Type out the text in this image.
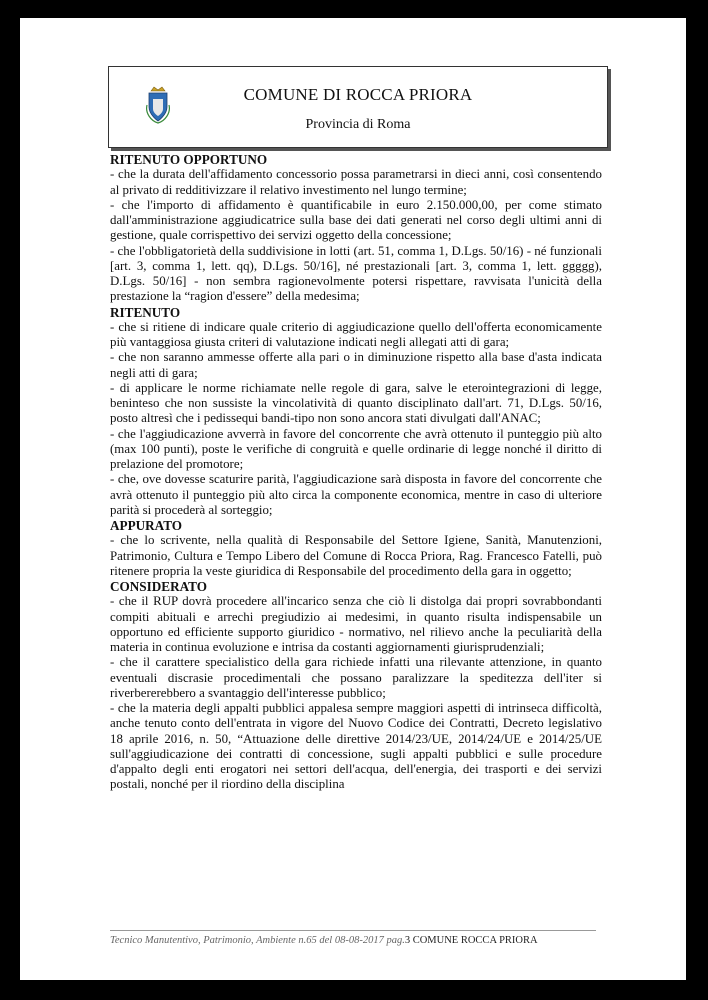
COMUNE DI ROCCA PRIORA
Provincia di Roma
RITENUTO OPPORTUNO

- che la durata dell'affidamento concessorio possa parametrarsi in dieci anni, così consentendo al privato di redditivizzare il relativo investimento nel lungo termine;

- che l'importo di affidamento è quantificabile in euro 2.150.000,00, per come stimato dall'amministrazione aggiudicatrice sulla base dei dati generati nel corso degli ultimi anni di gestione, quale corrispettivo dei servizi oggetto della concessione;

- che l'obbligatorietà della suddivisione in lotti (art. 51, comma 1, D.Lgs. 50/16) - né funzionali [art. 3, comma 1, lett. qq), D.Lgs. 50/16], né prestazionali [art. 3, comma 1, lett. ggggg), D.Lgs. 50/16] - non sembra ragionevolmente potersi rispettare, ravvisata l'unicità della prestazione la “ragion d'essere” della medesima;

RITENUTO

- che si ritiene di indicare quale criterio di aggiudicazione quello dell'offerta economicamente più vantaggiosa giusta criteri di valutazione indicati negli allegati atti di gara;

- che non saranno ammesse offerte alla pari o in diminuzione rispetto alla base d'asta indicata negli atti di gara;

- di applicare le norme richiamate nelle regole di gara, salve le eterointegrazioni di legge, beninteso che non sussiste la vincolatività di quanto disciplinato dall'art. 71, D.Lgs. 50/16, posto altresì che i pedissequi bandi-tipo non sono ancora stati divulgati dall'ANAC;

- che l'aggiudicazione avverrà in favore del concorrente che avrà ottenuto il punteggio più alto (max 100 punti), poste le verifiche di congruità e quelle ordinarie di legge nonché il diritto di prelazione del promotore;

- che, ove dovesse scaturire parità, l'aggiudicazione sarà disposta in favore del concorrente che avrà ottenuto il punteggio più alto circa la componente economica, mentre in caso di ulteriore parità si procederà al sorteggio;

APPURATO

- che lo scrivente, nella qualità di Responsabile del Settore Igiene, Sanità, Manutenzioni, Patrimonio, Cultura e Tempo Libero del Comune di Rocca Priora, Rag. Francesco Fatelli, può ritenere propria la veste giuridica di Responsabile del procedimento della gara in oggetto;

CONSIDERATO

- che il RUP dovrà procedere all'incarico senza che ciò li distolga dai propri sovrabbondanti compiti abituali e arrechi pregiudizio ai medesimi, in quanto risulta indispensabile un opportuno ed efficiente supporto giuridico - normativo, nel rilievo anche la peculiarità della materia in continua evoluzione e intrisa da costanti aggiornamenti giurisprudenziali;

- che il carattere specialistico della gara richiede infatti una rilevante attenzione, in quanto eventuali discrasie procedimentali che possano paralizzare la speditezza dell'iter si riverbererebbero a svantaggio dell'interesse pubblico;

- che la materia degli appalti pubblici appalesa sempre maggiori aspetti di intrinseca difficoltà, anche tenuto conto dell'entrata in vigore del Nuovo Codice dei Contratti, Decreto legislativo 18 aprile 2016, n. 50, “Attuazione delle direttive 2014/23/UE, 2014/24/UE e 2014/25/UE sull'aggiudicazione dei contratti di concessione, sugli appalti pubblici e sulle procedure d'appalto degli enti erogatori nei settori dell'acqua, dell'energia, dei trasporti e dei servizi postali, nonché per il riordino della disciplina

Tecnico Manutentivo, Patrimonio, Ambiente n.65 del 08-08-2017 pag.3 COMUNE ROCCA PRIORA
